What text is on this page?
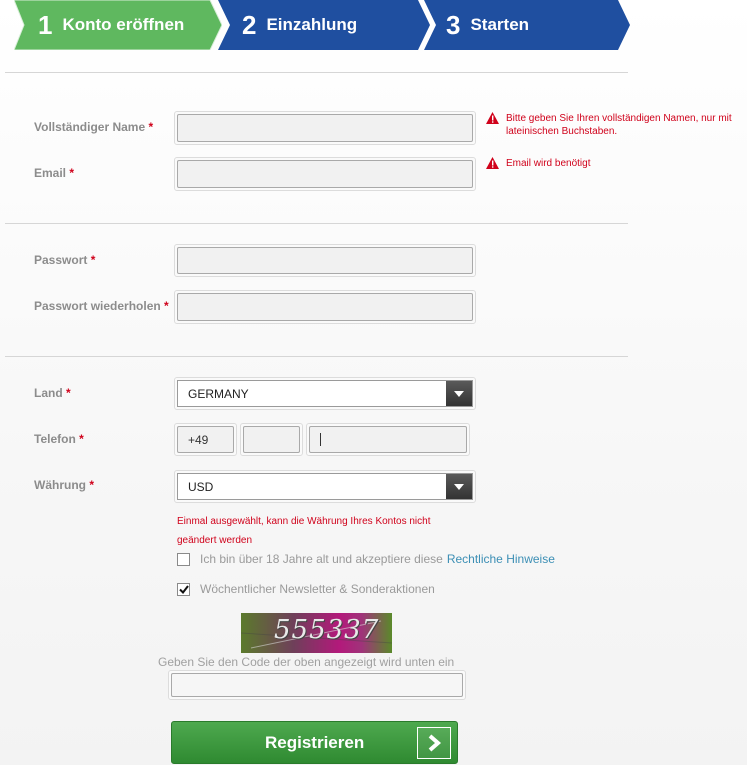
1 Konto eröffnen 2 Einzahlung	3 Starten
Vollständiger Name *
Bitte geben Sie Ihren vollständigen Namen, nur mit lateinischen Buchstaben.
Email *
Email wird benötigt
Passwort *
Passwort wiederholen *
Land *	GERMANY
Telefon *
+49
Währung *	USD
Einmal ausgewählt, kann die Währung Ihres Kontos nicht geändert werden
Ich bin über 18 Jahre alt und akzeptiere diese Rechtliche Hinweise
Wöchentlicher Newsletter & Sonderaktionen
555337
Geben Sie den Code der oben angezeigt wird unten ein
Registrieren
